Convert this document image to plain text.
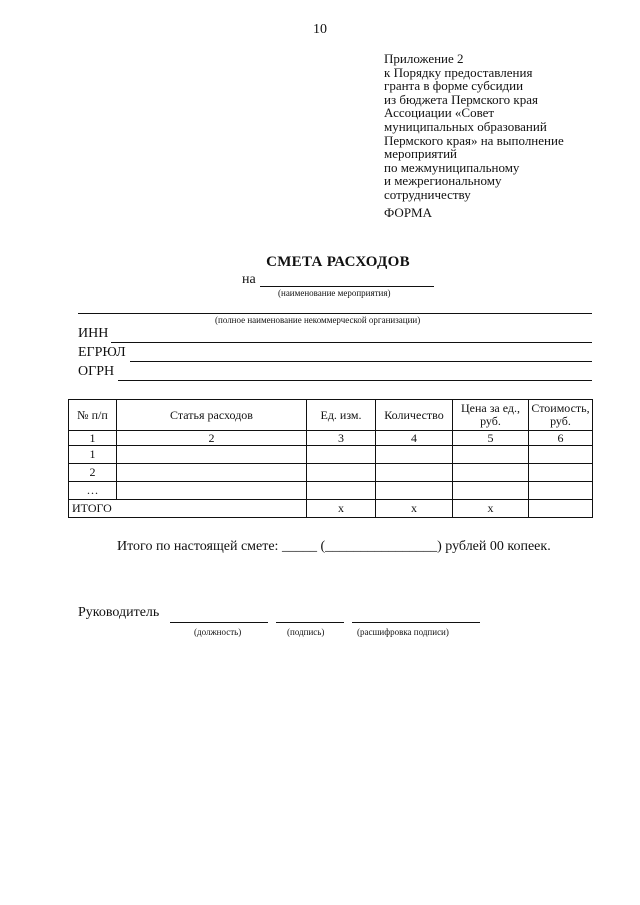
10
Приложение 2
к Порядку предоставления
гранта в форме субсидии
из бюджета Пермского края
Ассоциации «Совет
муниципальных образований
Пермского края» на выполнение
мероприятий
по межмуниципальному
и межрегиональному
сотрудничеству
ФОРМА
СМЕТА РАСХОДОВ
на
(наименование мероприятия)
(полное наименование некоммерческой организации)
ИНН
ЕГРЮЛ
ОГРН
№ п/п	Статья расходов	Ед. изм.	Количество	Цена за ед., руб.	Стоимость, руб.
1	2	3	4	5	6
1					
2					
…					
ИТОГО		x	x	x	
Итого по настоящей смете: _____ (________________) рублей 00 копеек.
Руководитель
(должность)	(подпись)	(расшифровка подписи)
